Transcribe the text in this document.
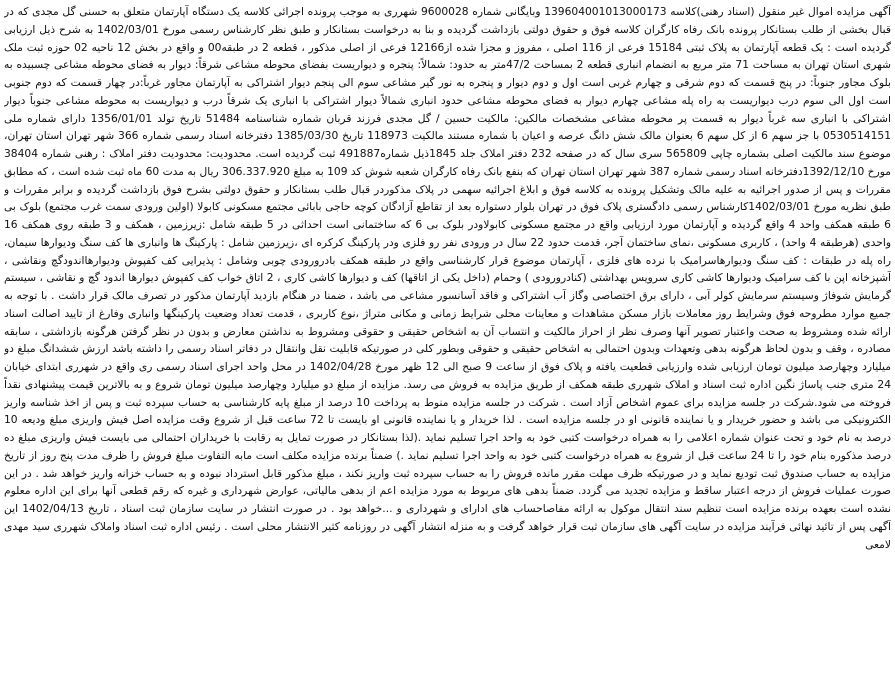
آگهی مزایده اموال غیر منقول (اسناد رهنی)کلاسه 139604001013000173 وبایگانی شماره 9600028 شهرری به موجب پرونده اجرائی کلاسه یک دستگاه آپارتمان متعلق به حسنی گل مجدی که در قبال بخشی از طلب بستانکار پرونده بانک رفاه کارگران کلاسه فوق و حقوق دولتی بازداشت گردیده و بنا به درخواست بستانکار و طبق نظر کارشناس رسمی مورخ 1402/03/01 به شرح ذیل ارزیابی گردیده است : یک قطعه آپارتمان به پلاک ثبتی 15184 فرعی از 116 اصلی ، مفروز و مجزا شده از12166 فرعی از اصلی مذکور ، قطعه 2 در طبقه00 و واقع در بخش 12 ناحیه 02 حوزه ثبت ملک شهری استان تهران به مساحت 71 متر مربع به انضمام انباری قطعه 2 بمساحت 47/2متر به حدود: شمالاً: پنجره و دیواریست بفضای محوطه مشاعی شرقاً: دیوار به فضای محوطه مشاعی چسبیده به بلوک مجاور جنوباً: در پنج قسمت که دوم شرقی و چهارم غربی است اول و دوم دیوار و پنجره به نور گیر مشاعی سوم الی پنجم دیوار اشتراکی به آپارتمان مجاور غرباً:در چهار قسمت که دوم جنوبی است اول الی سوم درب دیواریست به راه پله مشاعی چهارم دیوار به فضای محوطه مشاعی حدود انباری شمالاً دیوار اشتراکی با انباری یک شرقاً درب و دیواریست به محوطه مشاعی جنوباً دیوار اشتراکی با انباری سه غرباً دیوار به قسمت پر محوطه مشاعی مشخصات مالکین: مالکیت حسین / گل مجدی فرزند قربان شماره شناسنامه 51484 تاریخ تولد 1356/01/01 دارای شماره ملی 0530514151 با جز سهم 6 از کل سهم 6 بعنوان مالک شش دانگ عرصه و اعیان با شماره مستند مالکیت 118973 تاریخ 1385/03/30 دفترخانه اسناد رسمی شماره 366 شهر تهران استان تهران، موضوع سند مالکیت اصلی بشماره چاپی 565809 سری سال که در صفحه 232 دفتر املاک جلد 1845ذیل شماره491887 ثبت گردیده است. محدودیت: محدودیت دفتر املاک : رهنی شماره 38404 مورخ 1392/12/10دفترخانه اسناد رسمی شماره 387 شهر تهران استان تهران که بنفع بانک رفاه کارگران شعبه شوش کد 109 به مبلغ 306.337.920 ریال به مدت 60 ماه ثبت شده است ، که مطابق مقررات و پس از صدور اجرائیه به علیه مالک وتشکیل پرونده به کلاسه فوق و ابلاغ اجرائیه سهمی در پلاک مذکوردر قبال طلب بستانکار و حقوق دولتی بشرح فوق بازداشت گردیده و برابر مقررات و طبق نظریه مورخ 1402/03/01کارشناس رسمی دادگستری پلاک فوق در تهران بلوار دستواره بعد از تقاطع آزادگان کوچه حاجی بابائی مجتمع مسکونی کابولا (اولین ورودی سمت غرب مجتمع) بلوک بی 6 طبقه همکف واحد 4 واقع گردیده و آپارتمان مورد ارزیابی واقع در مجتمع مسکونی کابولاودر بلوک بی 6 که ساختمانی است احداثی در 5 طبقه شامل :زیرزمین ، همکف و 3 طبقه روی همکف 16 واحدی (هرطبقه 4 واحد) ، کاربری مسکونی ،نمای ساختمان آجر، قدمت حدود 22 سال در ورودی نفر رو فلزی ودر پارکینگ کرکره ای ،زیرزمین شامل : پارکینگ ها وانباری ها کف سنگ ودیوارها سیمان، راه پله در طبقات : کف سنگ ودیوارهاسرامیک با نرده های فلزی ، آپارتمان موضوع قرار کارشناسی واقع در طبقه همکف بادرورودی چوبی وشامل : پذیرایی کف کفپوش ودیوارهااندودگچ ونقاشی ، آشپزخانه اپن با کف سرامیک ودیوارها کاشی کاری سرویس بهداشتی (کنادرورودی ) وحمام (داخل یکی از اتاقها) کف و دیوارها کاشی کاری ، 2 اتاق خواب کف کفپوش دیوارها اندود گچ و نقاشی ، سیستم گرمایش شوفاژ وسیستم سرمایش کولر آبی ، دارای برق اختصاصی وگاز آب اشتراکی و فاقد آسانسور مشاعی می باشد ، ضمنا در هنگام بازدید آپارتمان مذکور در تصرف مالک قرار داشت . با توجه به جمیع موارد مطروحه فوق وشرایط روز معاملات بازار مسکن مشاهدات و معاینات محلی شرایط زمانی و مکانی متراژ ،نوع کاربری ، قدمت تعداد وضعیت پارکینگها وانباری وفارغ از تایید اصالت اسناد ارائه شده ومشروط به صحت واعتبار تصویر آنها وصرف نظر از احراز مالکیت و انتساب آن به اشخاص حقیقی و حقوقی ومشروط به نداشتن معارض و بدون در نظر گرفتن هرگونه بازداشتی ، سابقه مصادره ، وقف و بدون لحاظ هرگونه بدهی وتعهدات وبدون احتمالی به اشخاص حقیقی و حقوقی وبطور کلی در صورتیکه قابلیت نقل وانتقال در دفاتر اسناد رسمی را داشته باشد ارزش ششدانگ مبلغ دو میلیارد وچهارصد میلیون تومان ارزیابی شده وارزیابی قطعیت یافته و پلاک فوق از ساعت 9 صبح الی 12 ظهر مورخ 1402/04/28 در محل واحد اجرای اسناد رسمی ری واقع در شهرری ابتدای خیابان 24 متری جنب پاساژ نگین اداره ثبت اسناد و املاک شهرری طبقه همکف از طریق مزایده به فروش می رسد. مزایده از مبلغ دو میلیارد وچهارصد میلیون تومان شروع و به بالاترین قیمت پیشنهادی نقداً فروخته می شود.شرکت در جلسه مزایده برای عموم اشخاص آزاد است . شرکت در جلسه مزایده منوط به پرداخت 10 درصد از مبلغ پایه کارشناسی به حساب سپرده ثبت و پس از اخذ شناسه واریز الکترونیکی می باشد و حضور خریدار و یا نماینده قانونی او در جلسه مزایده است . لذا خریدار و یا نماینده قانونی او بایست تا 72 ساعت قبل از شروع وقت مزایده اصل فیش واریزی مبلغ ودیعه 10 درصد به نام خود و تحت عنوان شماره اعلامی را به همراه درخواست کتبی خود به واحد اجرا تسلیم نماید .(لذا بستانکار در صورت تمایل به رقابت با خریداران احتمالی می بایست فیش واریزی مبلغ ده درصد مذکوره بنام خود را تا 24 ساعت قبل از شروع به همراه درخواست کتبی خود به واحد اجرا تسلیم نماید .) ضمناً برنده مزایده مکلف است مابه التفاوت مبلغ فروش را ظرف مدت پنج روز از تاریخ مزایده به حساب صندوق ثبت تودیع نماید و در صورتیکه ظرف مهلت مقرر مانده فروش را به حساب سپرده ثبت واریز نکند ، مبلغ مذکور قابل استرداد نبوده و به حساب خزانه واریز خواهد شد . در این صورت عملیات فروش از درجه اعتبار ساقط و مزایده تجدید می گردد. ضمناً بدهی های مربوط به مورد مزایده اعم از بدهی مالیاتی، عوارض شهرداری و غیره که رقم قطعی آنها برای این اداره معلوم نشده است بعهده برنده مزایده است تنظیم سند انتقال موکول به ارائه مفاصاحساب های ادارای و شهرداری و ...خواهد بود . در صورت انتشار در سایت سازمان ثبت اسناد ، تاریخ 1402/04/13 این آگهی پس از تائید نهائی فرآیند مزایده در سایت آگهی های سازمان ثبت قرار خواهد گرفت و به منزله انتشار آگهی در روزنامه کثیر الانتشار محلی است . رئیس اداره ثبت اسناد واملاک شهرری سید مهدی لامعی
